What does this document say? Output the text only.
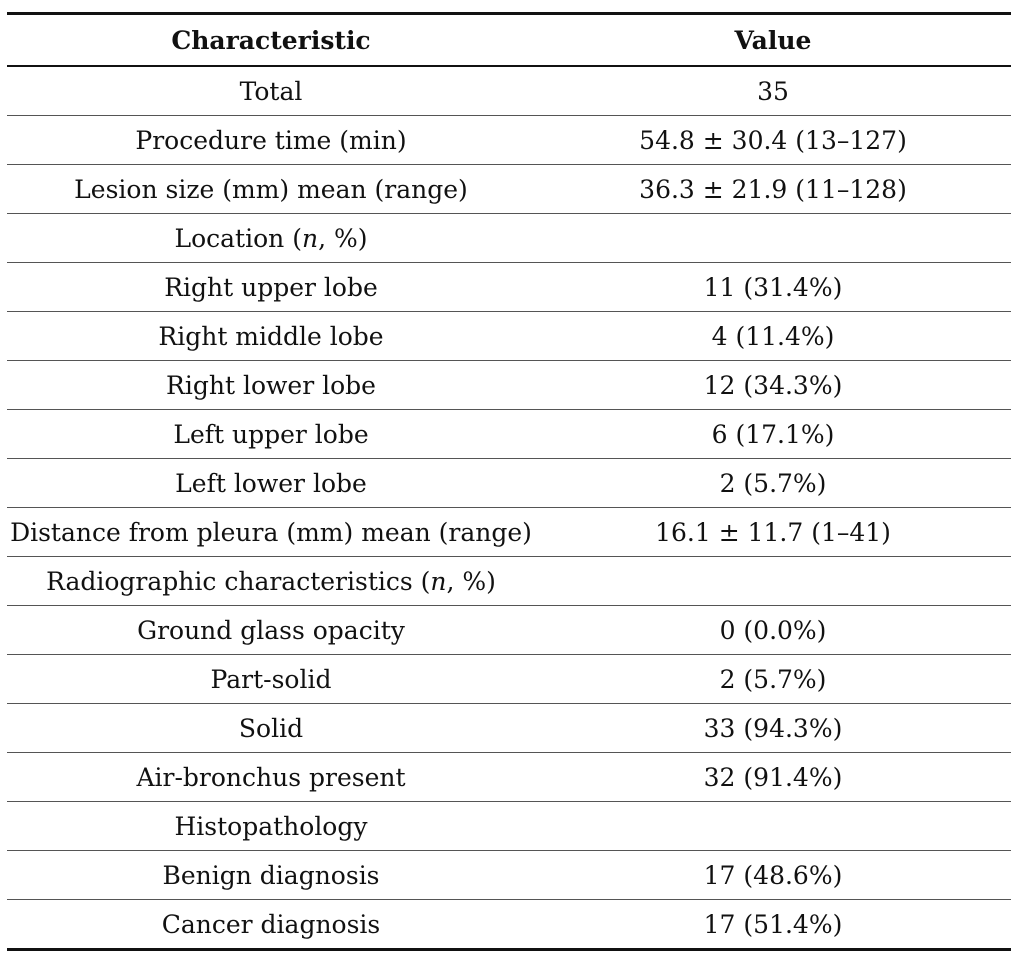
Characteristic	Value
Total	35
Procedure time (min)	54.8 ± 30.4 (13–127)
Lesion size (mm) mean (range)	36.3 ± 21.9 (11–128)
Location (n, %)	
Right upper lobe	11 (31.4%)
Right middle lobe	4 (11.4%)
Right lower lobe	12 (34.3%)
Left upper lobe	6 (17.1%)
Left lower lobe	2 (5.7%)
Distance from pleura (mm) mean (range)	16.1 ± 11.7 (1–41)
Radiographic characteristics (n, %)	
Ground glass opacity	0 (0.0%)
Part-solid	2 (5.7%)
Solid	33 (94.3%)
Air-bronchus present	32 (91.4%)
Histopathology	
Benign diagnosis	17 (48.6%)
Cancer diagnosis	17 (51.4%)
